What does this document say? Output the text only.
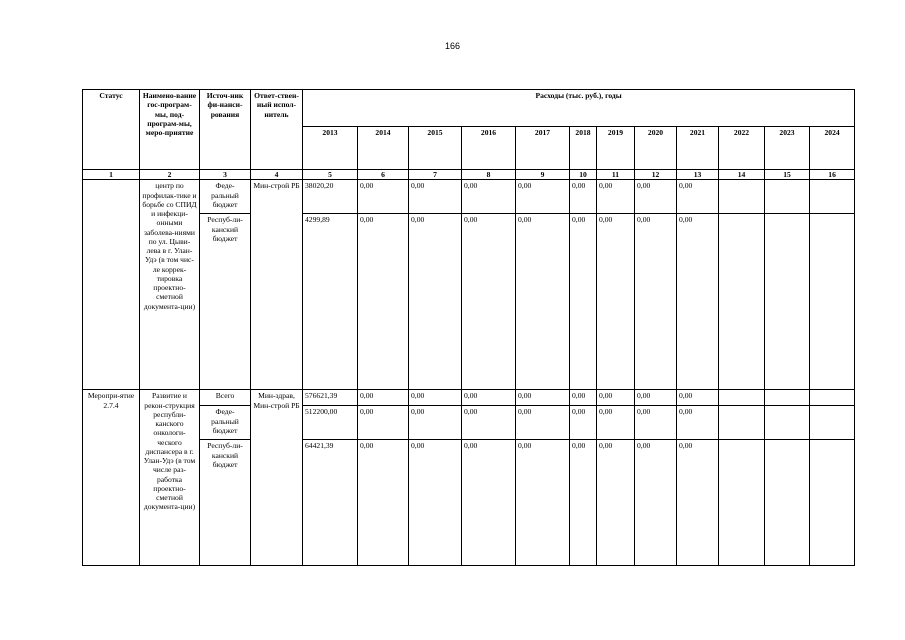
166
Статус	Наимено-вание гос-програм-мы, под-програм-мы, меро-приятие	Источ-ник фи-нанси-рования	Ответ-ствен-ный испол-нитель	Расходы (тыс. руб.), годы											
				2013	2014	2015	2016	2017	2018	2019	2020	2021	2022	2023	2024
1	2	3	4	5	6	7	8	9	10	11	12	13	14	15	16
	центр по профилак-тике и борьбе со СПИД и инфекци-онными заболева-ниями по ул. Цыви-лева в г. Улан-Удэ (в том чис-ле коррек-тировка проектно-сметной документа-ции)	Феде-ральный бюджет	Мин-строй РБ	38020,20	0,00	0,00	0,00	0,00	0,00	0,00	0,00	0,00			
		Респуб-ли-канский бюджет		4299,89	0,00	0,00	0,00	0,00	0,00	0,00	0,00	0,00			
Меропри-ятие 2.7.4	Развитие и рекон-струкция республи-канского онкологи-ческого диспансера в г. Улан-Удэ (в том числе раз-работка проектно-сметной документа-ции)	Всего	Мин-здрав, Мин-строй РБ	576621,39	0,00	0,00	0,00	0,00	0,00	0,00	0,00	0,00			
		Феде-ральный бюджет		512200,00	0,00	0,00	0,00	0,00	0,00	0,00	0,00	0,00			
		Респуб-ли-канский бюджет		64421,39	0,00	0,00	0,00	0,00	0,00	0,00	0,00	0,00			
